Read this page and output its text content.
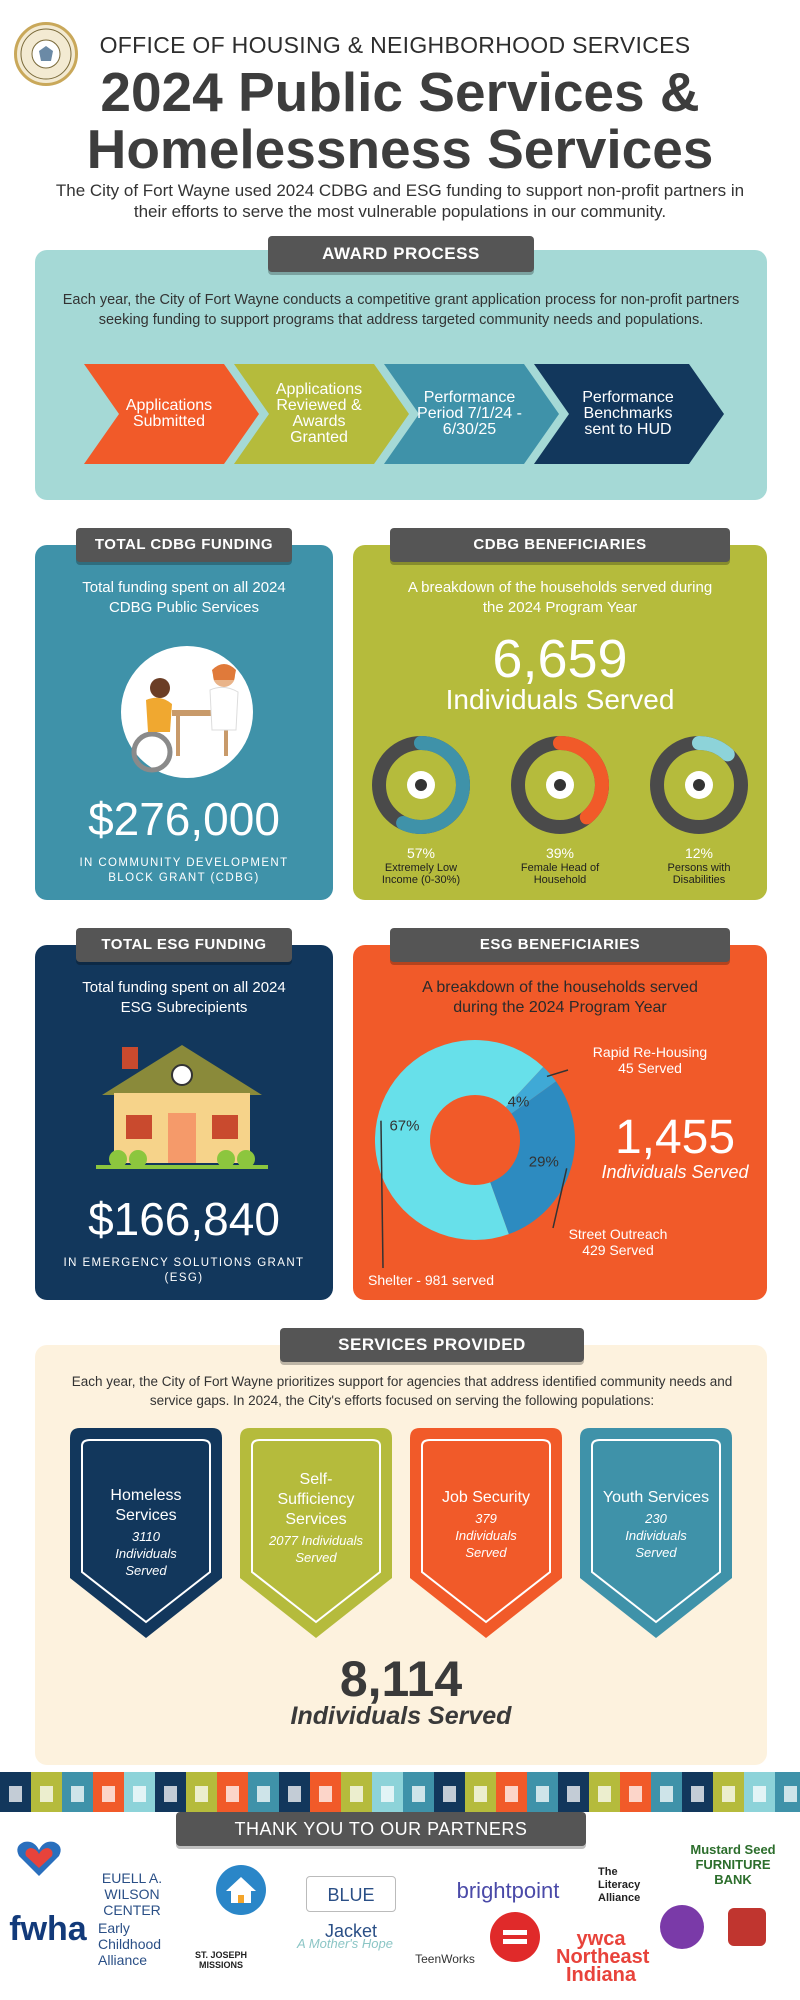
OFFICE OF HOUSING & NEIGHBORHOOD SERVICES
2024 Public Services &
Homelessness Services
The City of Fort Wayne used 2024 CDBG and ESG funding to support non-profit partners in their efforts to serve the most vulnerable populations in our community.
AWARD PROCESS
Each year, the City of Fort Wayne conducts a competitive grant application process for non-profit partners seeking funding to support programs that address targeted community needs and populations.
Applications Submitted
Applications Reviewed & Awards Granted
Performance Period 7/1/24 - 6/30/25
Performance Benchmarks sent to HUD
TOTAL CDBG FUNDING
Total funding spent on all 2024 CDBG Public Services
$276,000
IN COMMUNITY DEVELOPMENT BLOCK GRANT (CDBG)
CDBG BENEFICIARIES
A breakdown of the households served during the 2024 Program Year
6,659
Individuals Served
57%
Extremely Low Income (0-30%)
39%
Female Head of Household
12%
Persons with Disabilities
TOTAL ESG FUNDING
Total funding spent on all 2024 ESG Subrecipients
$166,840
IN EMERGENCY SOLUTIONS GRANT (ESG)
ESG BENEFICIARIES
A breakdown of the households served during the 2024 Program Year
67%
29%
4%
1,455
Individuals Served
Rapid Re-Housing
45 Served
Street Outreach
429 Served
Shelter - 981 served
SERVICES PROVIDED
Each year, the City of Fort Wayne prioritizes support for agencies that address identified community needs and service gaps. In 2024, the City's efforts focused on serving the following populations:
Homeless Services
3110 Individuals Served
Self-Sufficiency Services
2077 Individuals Served
Job Security
379 Individuals Served
Youth Services
230 Individuals Served
8,114
Individuals Served
THANK YOU TO OUR PARTNERS
EUELL A. WILSON CENTER
BLUE Jacket
brightpoint
The Literacy Alliance
Mustard Seed FURNITURE BANK
fwha Early Childhood Alliance	ST. JOSEPH MISSIONS
A Mother's Hope
TeenWorks
ywca Northeast Indiana
